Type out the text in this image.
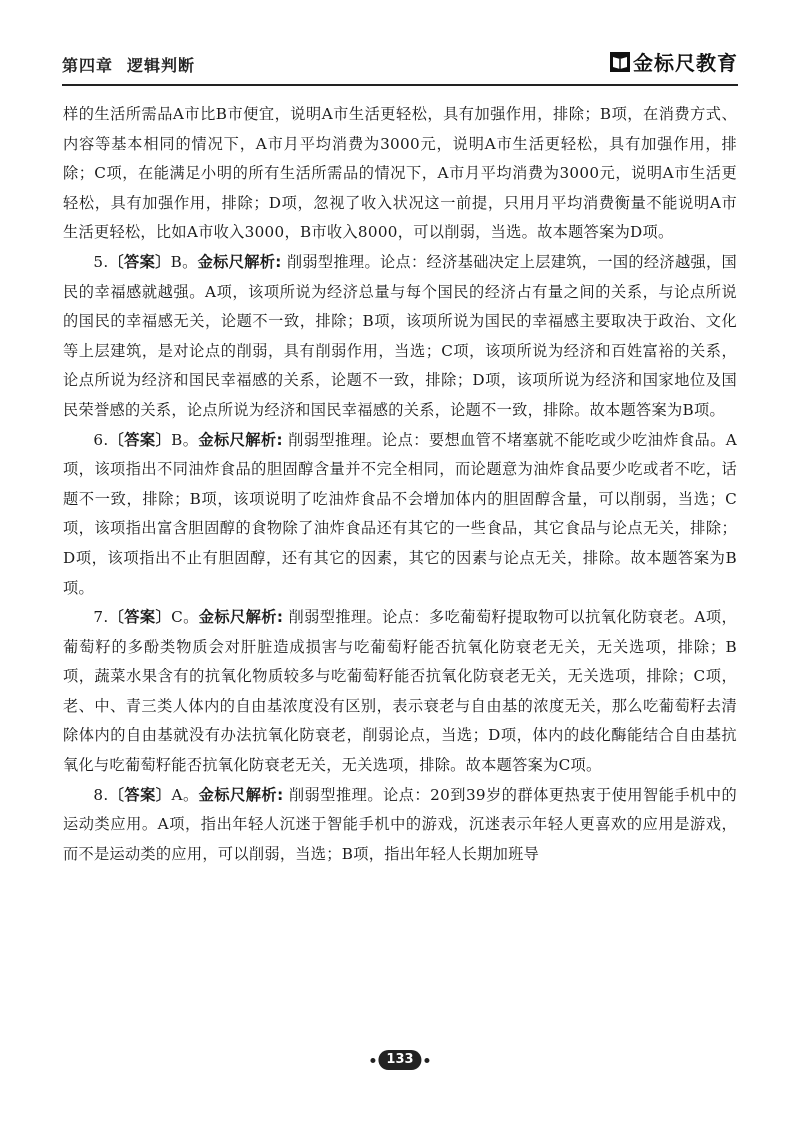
第四章 逻辑判断	金标尺教育

样的生活所需品A市比B市便宜，说明A市生活更轻松，具有加强作用，排除；B项，在消费方式、内容等基本相同的情况下，A市月平均消费为3000元，说明A市生活更轻松，具有加强作用，排除；C项，在能满足小明的所有生活所需品的情况下，A市月平均消费为3000元，说明A市生活更轻松，具有加强作用，排除；D项，忽视了收入状况这一前提，只用月平均消费衡量不能说明A市生活更轻松，比如A市收入3000，B市收入8000，可以削弱，当选。故本题答案为D项。

5.〔答案〕B。金标尺解析: 削弱型推理。论点：经济基础决定上层建筑，一国的经济越强，国民的幸福感就越强。A项，该项所说为经济总量与每个国民的经济占有量之间的关系，与论点所说的国民的幸福感无关，论题不一致，排除；B项，该项所说为国民的幸福感主要取决于政治、文化等上层建筑，是对论点的削弱，具有削弱作用，当选；C项，该项所说为经济和百姓富裕的关系，论点所说为经济和国民幸福感的关系，论题不一致，排除；D项，该项所说为经济和国家地位及国民荣誉感的关系，论点所说为经济和国民幸福感的关系，论题不一致，排除。故本题答案为B项。

6.〔答案〕B。金标尺解析: 削弱型推理。论点：要想血管不堵塞就不能吃或少吃油炸食品。A项，该项指出不同油炸食品的胆固醇含量并不完全相同，而论题意为油炸食品要少吃或者不吃，话题不一致，排除；B项，该项说明了吃油炸食品不会增加体内的胆固醇含量，可以削弱，当选；C项，该项指出富含胆固醇的食物除了油炸食品还有其它的一些食品，其它食品与论点无关，排除；D项，该项指出不止有胆固醇，还有其它的因素，其它的因素与论点无关，排除。故本题答案为B项。

7.〔答案〕C。金标尺解析: 削弱型推理。论点：多吃葡萄籽提取物可以抗氧化防衰老。A项，葡萄籽的多酚类物质会对肝脏造成损害与吃葡萄籽能否抗氧化防衰老无关，无关选项，排除；B项，蔬菜水果含有的抗氧化物质较多与吃葡萄籽能否抗氧化防衰老无关，无关选项，排除；C项，老、中、青三类人体内的自由基浓度没有区别，表示衰老与自由基的浓度无关，那么吃葡萄籽去清除体内的自由基就没有办法抗氧化防衰老，削弱论点，当选；D项，体内的歧化酶能结合自由基抗氧化与吃葡萄籽能否抗氧化防衰老无关，无关选项，排除。故本题答案为C项。

8.〔答案〕A。金标尺解析: 削弱型推理。论点：20到39岁的群体更热衷于使用智能手机中的运动类应用。A项，指出年轻人沉迷于智能手机中的游戏，沉迷表示年轻人更喜欢的应用是游戏，而不是运动类的应用，可以削弱，当选；B项，指出年轻人长期加班导

133
